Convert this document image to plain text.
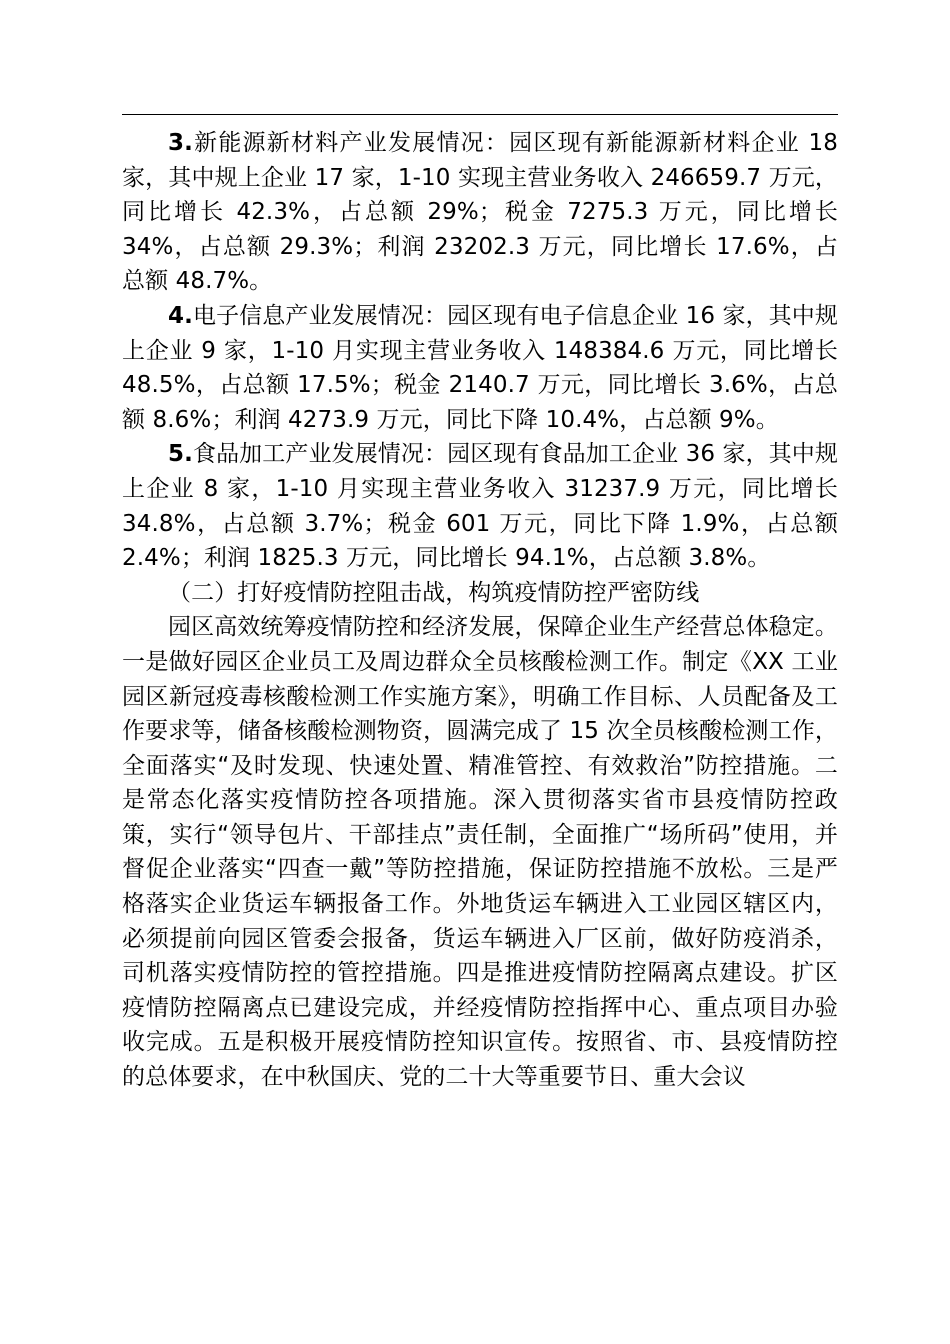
3.新能源新材料产业发展情况：园区现有新能源新材料企业 18 家，其中规上企业 17 家，1-10 实现主营业务收入 246659.7 万元，同比增长 42.3%，占总额 29%；税金 7275.3 万元，同比增长 34%，占总额 29.3%；利润 23202.3 万元，同比增长 17.6%，占总额 48.7%。

4.电子信息产业发展情况：园区现有电子信息企业 16 家，其中规上企业 9 家，1-10 月实现主营业务收入 148384.6 万元，同比增长 48.5%，占总额 17.5%；税金 2140.7 万元，同比增长 3.6%，占总额 8.6%；利润 4273.9 万元，同比下降 10.4%，占总额 9%。

5.食品加工产业发展情况：园区现有食品加工企业 36 家，其中规上企业 8 家，1-10 月实现主营业务收入 31237.9 万元，同比增长 34.8%，占总额 3.7%；税金 601 万元，同比下降 1.9%，占总额 2.4%；利润 1825.3 万元，同比增长 94.1%，占总额 3.8%。

（二）打好疫情防控阻击战，构筑疫情防控严密防线

园区高效统筹疫情防控和经济发展，保障企业生产经营总体稳定。一是做好园区企业员工及周边群众全员核酸检测工作。制定《XX 工业园区新冠疫毒核酸检测工作实施方案》，明确工作目标、人员配备及工作要求等，储备核酸检测物资，圆满完成了 15 次全员核酸检测工作，全面落实“及时发现、快速处置、精准管控、有效救治”防控措施。二是常态化落实疫情防控各项措施。深入贯彻落实省市县疫情防控政策，实行“领导包片、干部挂点”责任制，全面推广“场所码”使用，并督促企业落实“四查一戴”等防控措施，保证防控措施不放松。三是严格落实企业货运车辆报备工作。外地货运车辆进入工业园区辖区内，必须提前向园区管委会报备，货运车辆进入厂区前，做好防疫消杀，司机落实疫情防控的管控措施。四是推进疫情防控隔离点建设。扩区疫情防控隔离点已建设完成，并经疫情防控指挥中心、重点项目办验收完成。五是积极开展疫情防控知识宣传。按照省、市、县疫情防控的总体要求，在中秋国庆、党的二十大等重要节日、重大会议
